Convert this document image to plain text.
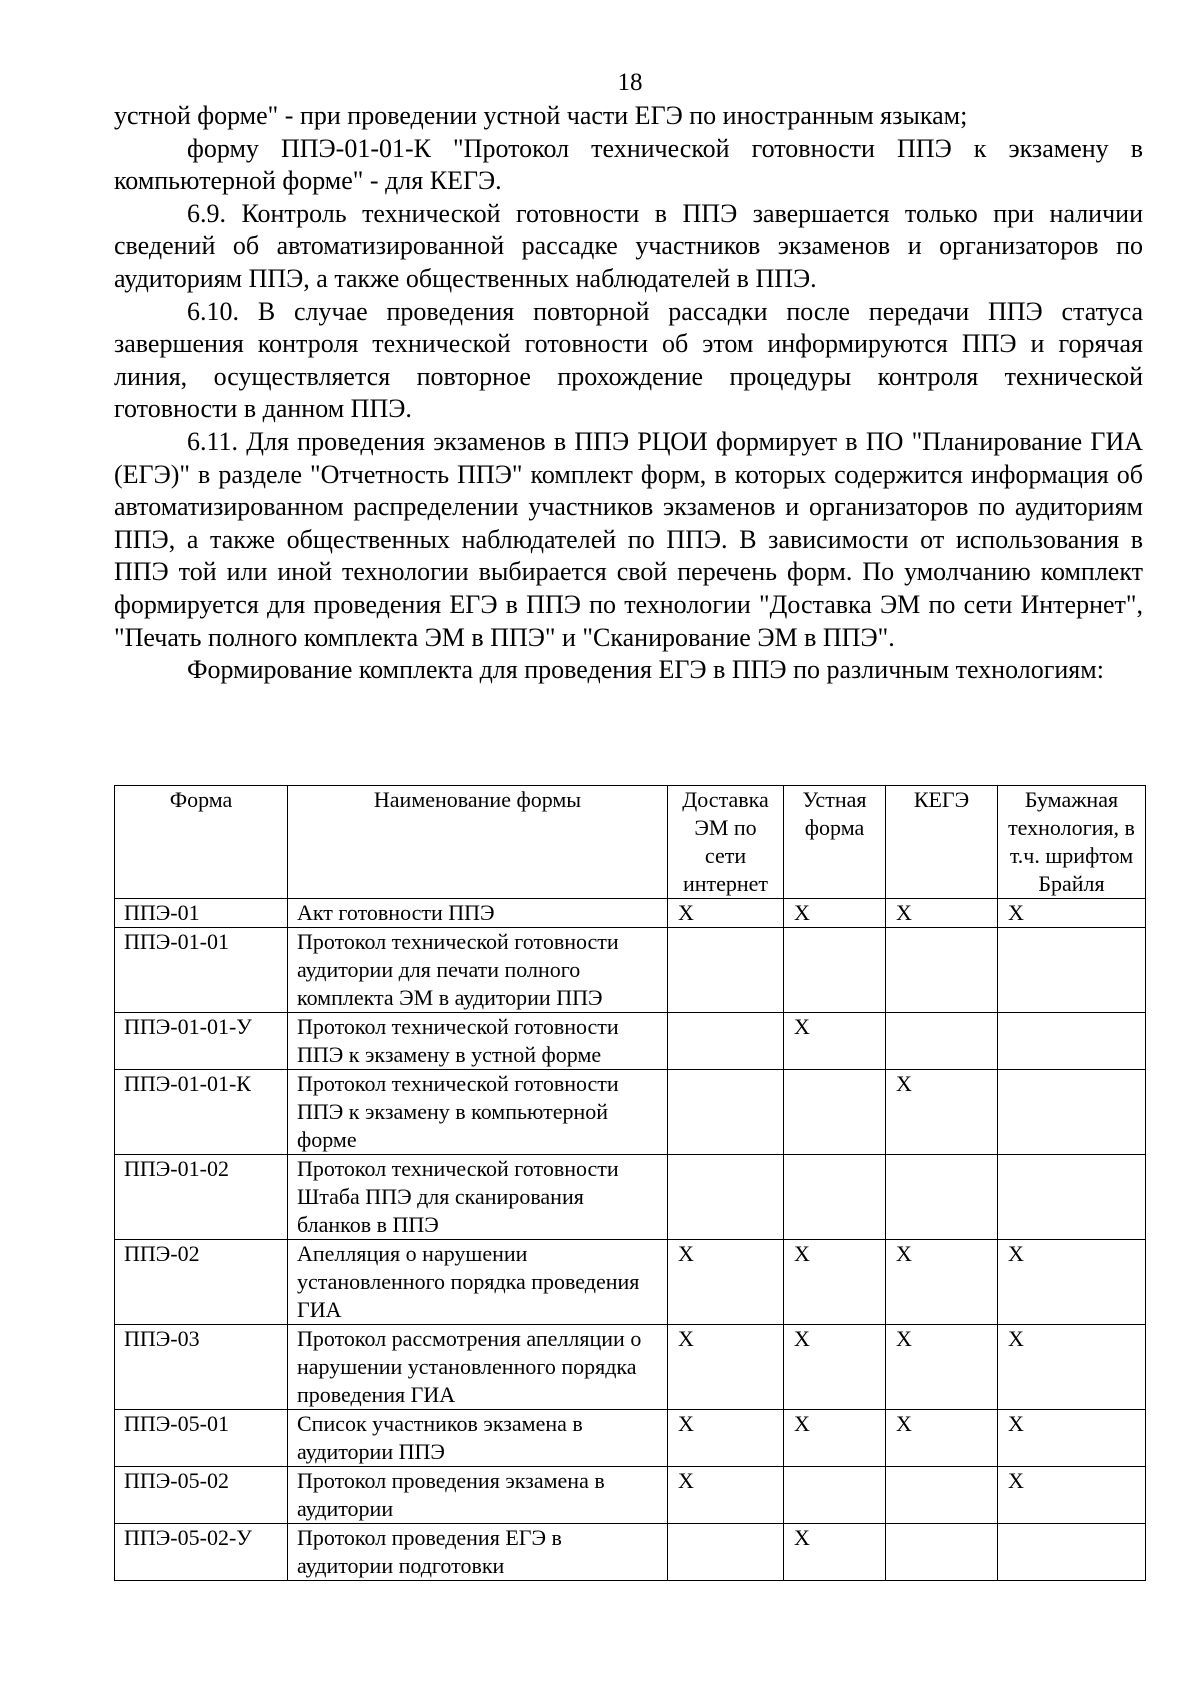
18

устной форме" - при проведении устной части ЕГЭ по иностранным языкам;

форму ППЭ-01-01-К "Протокол технической готовности ППЭ к экзамену в компьютерной форме" - для КЕГЭ.

6.9. Контроль технической готовности в ППЭ завершается только при наличии сведений об автоматизированной рассадке участников экзаменов и организаторов по аудиториям ППЭ, а также общественных наблюдателей в ППЭ.

6.10. В случае проведения повторной рассадки после передачи ППЭ статуса завершения контроля технической готовности об этом информируются ППЭ и горячая линия, осуществляется повторное прохождение процедуры контроля технической готовности в данном ППЭ.

6.11. Для проведения экзаменов в ППЭ РЦОИ формирует в ПО "Планирование ГИА (ЕГЭ)" в разделе "Отчетность ППЭ" комплект форм, в которых содержится информация об автоматизированном распределении участников экзаменов и организаторов по аудиториям ППЭ, а также общественных наблюдателей по ППЭ. В зависимости от использования в ППЭ той или иной технологии выбирается свой перечень форм. По умолчанию комплект формируется для проведения ЕГЭ в ППЭ по технологии "Доставка ЭМ по сети Интернет", "Печать полного комплекта ЭМ в ППЭ" и "Сканирование ЭМ в ППЭ".

Формирование комплекта для проведения ЕГЭ в ППЭ по различным технологиям:

Форма	Наименование формы	Доставка ЭМ по сети интернет	Устная форма	КЕГЭ	Бумажная технология, в т.ч. шрифтом Брайля
ППЭ-01	Акт готовности ППЭ	X	X	X	X
ППЭ-01-01	Протокол технической готовности аудитории для печати полного комплекта ЭМ в аудитории ППЭ				
ППЭ-01-01-У	Протокол технической готовности ППЭ к экзамену в устной форме		X		
ППЭ-01-01-К	Протокол технической готовности ППЭ к экзамену в компьютерной форме			X	
ППЭ-01-02	Протокол технической готовности Штаба ППЭ для сканирования бланков в ППЭ				
ППЭ-02	Апелляция о нарушении установленного порядка проведения ГИА	X	X	X	X
ППЭ-03	Протокол рассмотрения апелляции о нарушении установленного порядка проведения ГИА	X	X	X	X
ППЭ-05-01	Список участников экзамена в аудитории ППЭ	X	X	X	X
ППЭ-05-02	Протокол проведения экзамена в аудитории	X			X
ППЭ-05-02-У	Протокол проведения ЕГЭ в аудитории подготовки		X		
